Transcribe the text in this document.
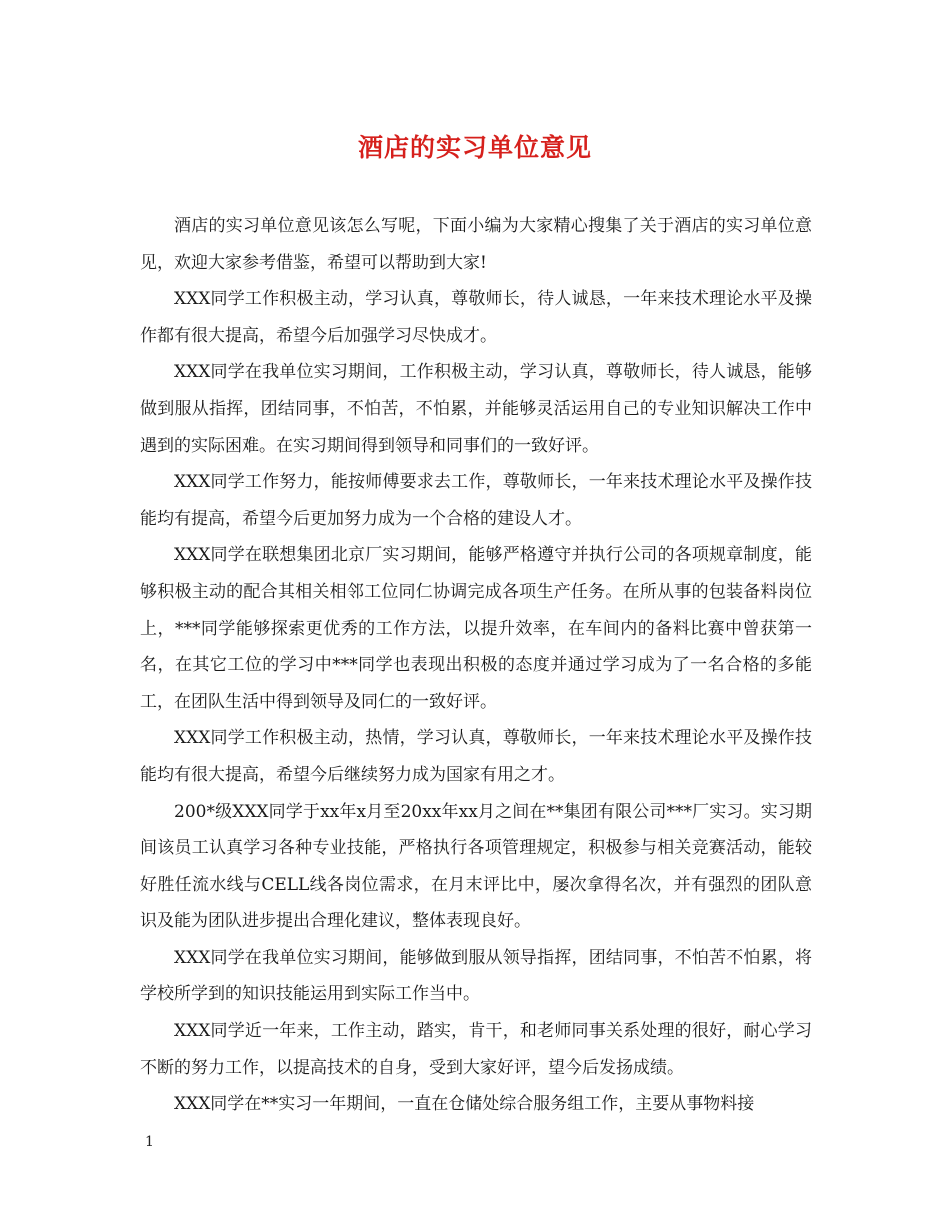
酒店的实习单位意见

酒店的实习单位意见该怎么写呢，下面小编为大家精心搜集了关于酒店的实习单位意见，欢迎大家参考借鉴，希望可以帮助到大家!

XXX同学工作积极主动，学习认真，尊敬师长，待人诚恳，一年来技术理论水平及操作都有很大提高，希望今后加强学习尽快成才。

XXX同学在我单位实习期间，工作积极主动，学习认真，尊敬师长，待人诚恳，能够做到服从指挥，团结同事，不怕苦，不怕累，并能够灵活运用自己的专业知识解决工作中遇到的实际困难。在实习期间得到领导和同事们的一致好评。

XXX同学工作努力，能按师傅要求去工作，尊敬师长，一年来技术理论水平及操作技能均有提高，希望今后更加努力成为一个合格的建设人才。

XXX同学在联想集团北京厂实习期间，能够严格遵守并执行公司的各项规章制度，能够积极主动的配合其相关相邻工位同仁协调完成各项生产任务。在所从事的包装备料岗位上，***同学能够探索更优秀的工作方法，以提升效率，在车间内的备料比赛中曾获第一名，在其它工位的学习中***同学也表现出积极的态度并通过学习成为了一名合格的多能工，在团队生活中得到领导及同仁的一致好评。

XXX同学工作积极主动，热情，学习认真，尊敬师长，一年来技术理论水平及操作技能均有很大提高，希望今后继续努力成为国家有用之才。

200*级XXX同学于xx年x月至20xx年xx月之间在**集团有限公司***厂实习。实习期间该员工认真学习各种专业技能，严格执行各项管理规定，积极参与相关竞赛活动，能较好胜任流水线与CELL线各岗位需求，在月末评比中，屡次拿得名次，并有强烈的团队意识及能为团队进步提出合理化建议，整体表现良好。

XXX同学在我单位实习期间，能够做到服从领导指挥，团结同事，不怕苦不怕累，将学校所学到的知识技能运用到实际工作当中。

XXX同学近一年来，工作主动，踏实，肯干，和老师同事关系处理的很好，耐心学习不断的努力工作，以提高技术的自身，受到大家好评，望今后发扬成绩。

XXX同学在**实习一年期间，一直在仓储处综合服务组工作，主要从事物料接

1
